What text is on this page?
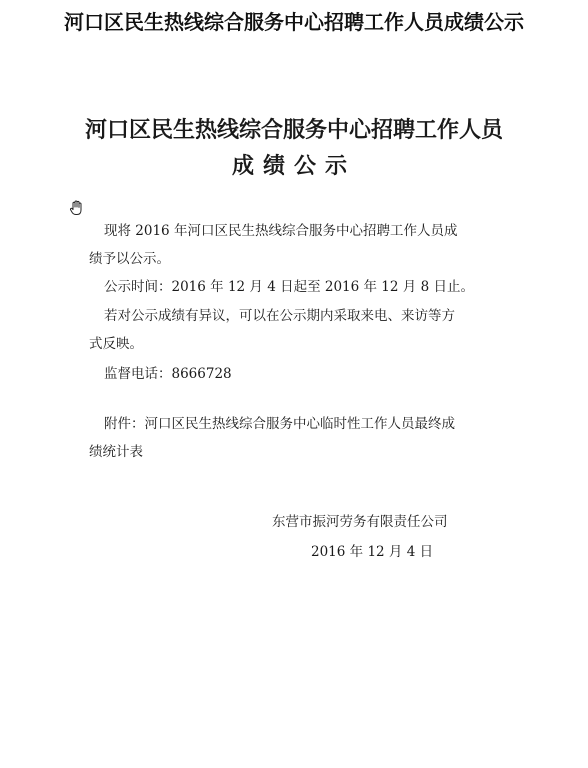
河口区民生热线综合服务中心招聘工作人员成绩公示
河口区民生热线综合服务中心招聘工作人员
成绩公示
现将 2016 年河口区民生热线综合服务中心招聘工作人员成
绩予以公示。
公示时间：2016 年 12 月 4 日起至 2016 年 12 月 8 日止。
若对公示成绩有异议，可以在公示期内采取来电、来访等方
式反映。
监督电话：8666728
附件：河口区民生热线综合服务中心临时性工作人员最终成
绩统计表
东营市振河劳务有限责任公司
2016 年 12 月 4 日
